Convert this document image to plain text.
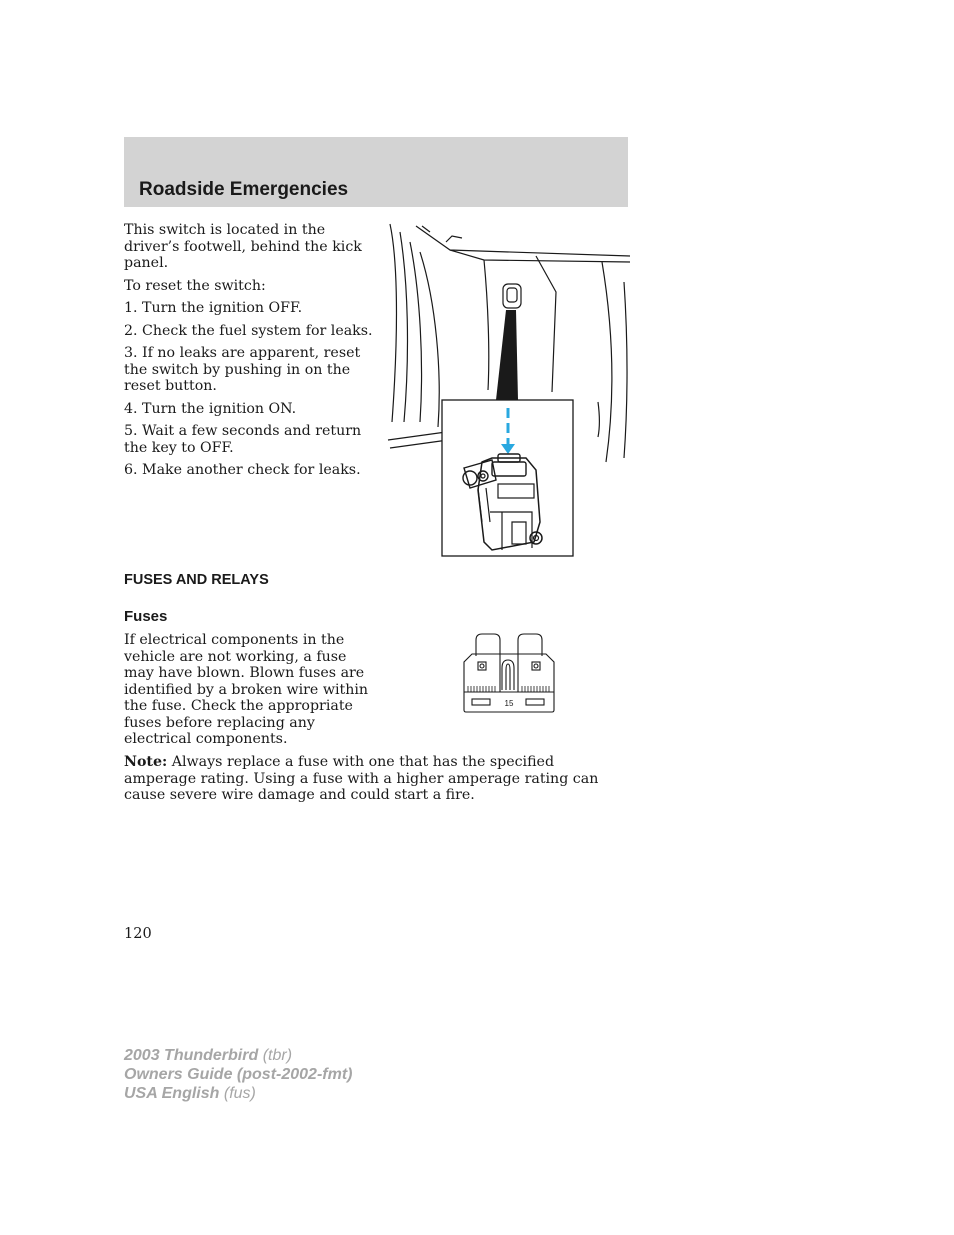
Roadside Emergencies

This switch is located in the driver’s footwell, behind the kick panel.

To reset the switch:

1. Turn the ignition OFF.

2. Check the fuel system for leaks.

3. If no leaks are apparent, reset the switch by pushing in on the reset button.

4. Turn the ignition ON.

5. Wait a few seconds and return the key to OFF.

6. Make another check for leaks.

FUSES AND RELAYS
Fuses

If electrical components in the vehicle are not working, a fuse may have blown. Blown fuses are identified by a broken wire within the fuse. Check the appropriate fuses before replacing any electrical components.

15

Note: Always replace a fuse with one that has the specified amperage rating. Using a fuse with a higher amperage rating can cause severe wire damage and could start a fire.

120
2003 Thunderbird (tbr)
Owners Guide (post-2002-fmt)
USA English (fus)
